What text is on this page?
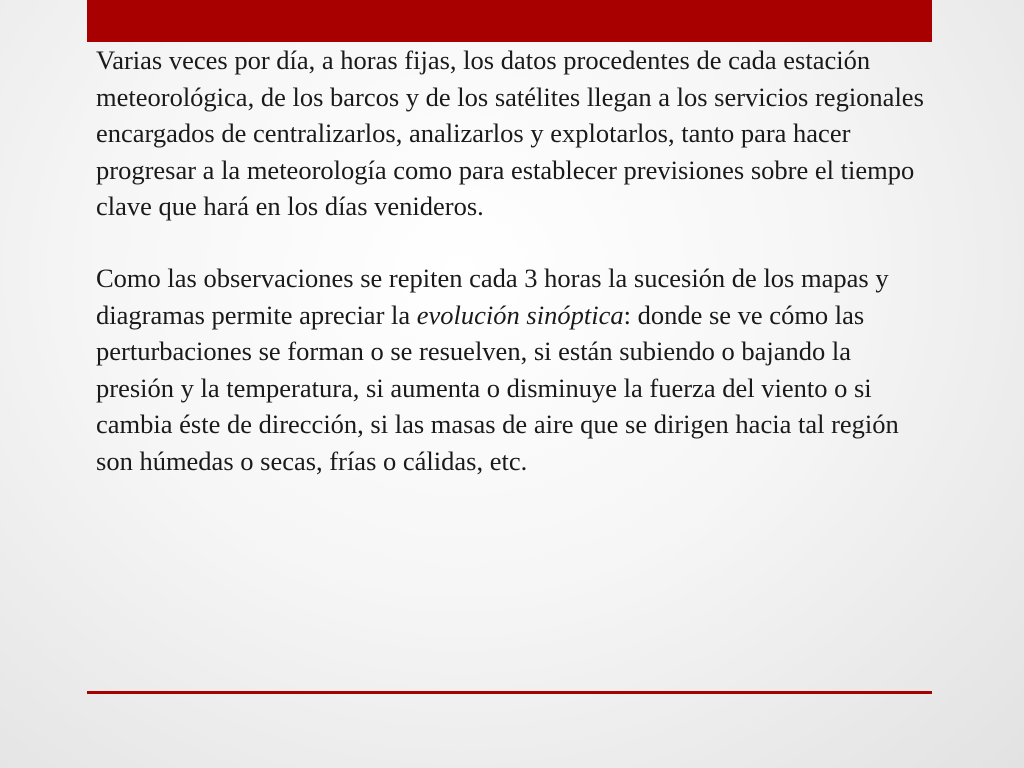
Varias veces por día, a horas fijas, los datos procedentes de cada estación meteorológica, de los barcos y de los satélites llegan a los servicios regionales encargados de centralizarlos, analizarlos y explotarlos, tanto para hacer progresar a la meteorología como para establecer previsiones sobre el tiempo clave que hará en los días venideros.

Como las observaciones se repiten cada 3 horas la sucesión de los mapas y diagramas permite apreciar la evolución sinóptica: donde se ve cómo las perturbaciones se forman o se resuelven, si están subiendo o bajando la presión y la temperatura, si aumenta o disminuye la fuerza del viento o si cambia éste de dirección, si las masas de aire que se dirigen hacia tal región son húmedas o secas, frías o cálidas, etc.
